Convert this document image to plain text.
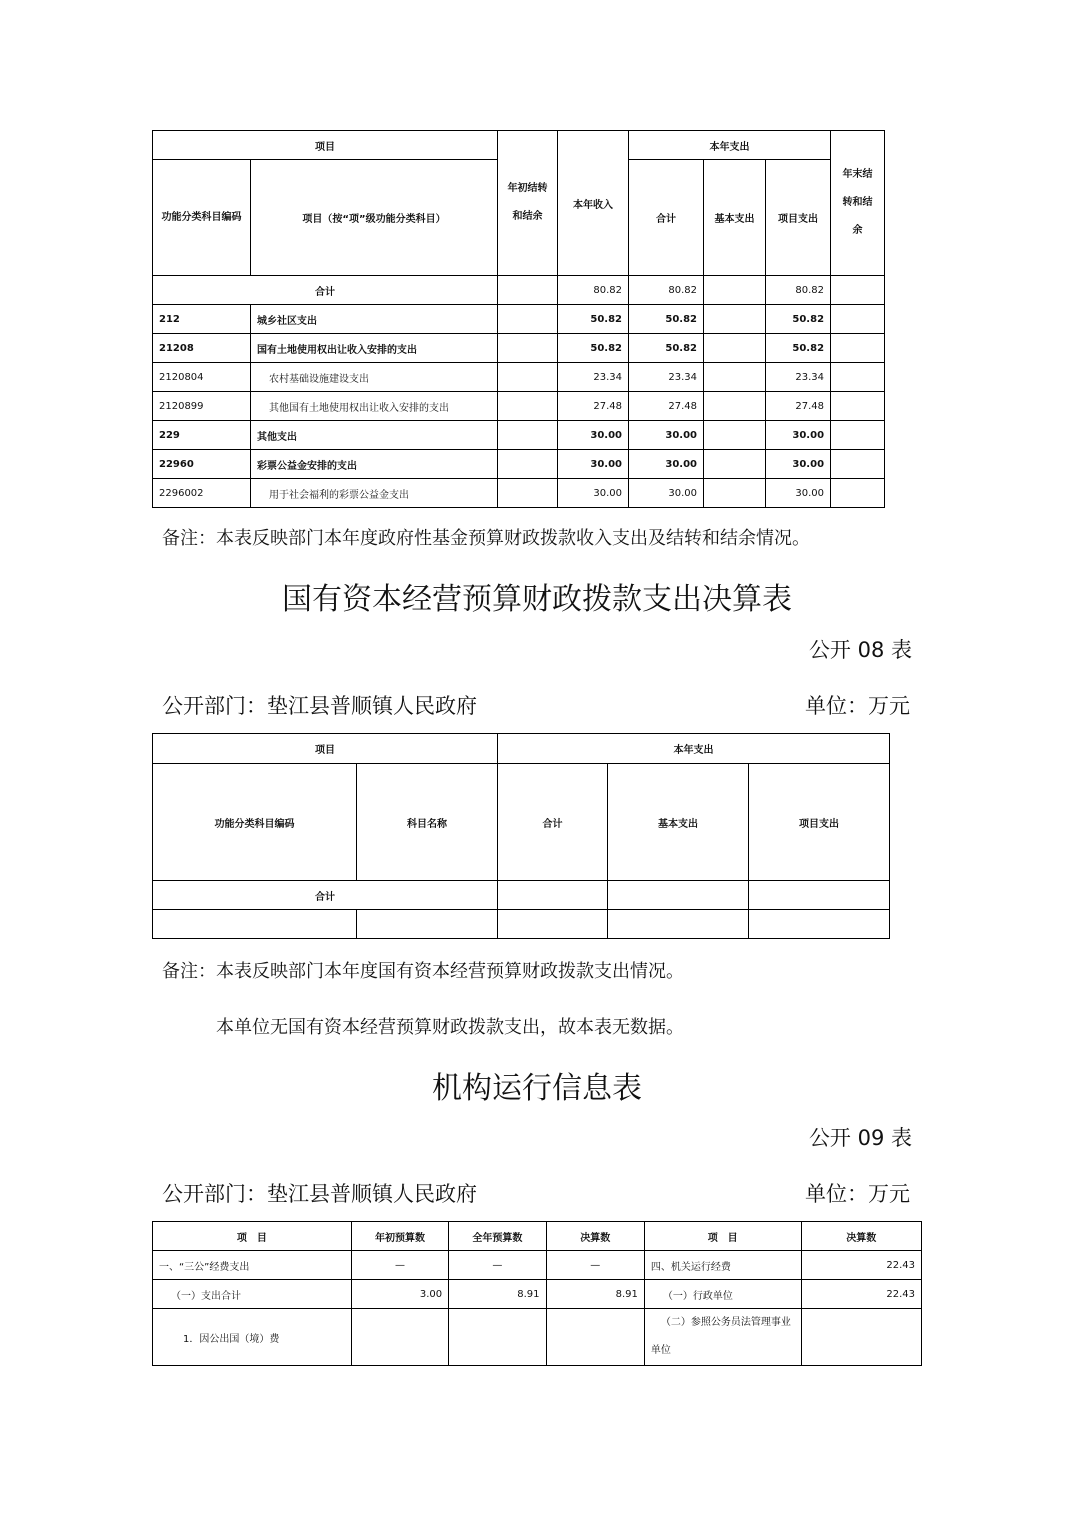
项目		年初结转和结余	本年收入	本年支出			年末结转和结余
功能分类科目编码	项目（按“项”级功能分类科目）			合计	基本支出	项目支出	
合计			80.82	80.82		80.82	
212	城乡社区支出		50.82	50.82		50.82	
21208	国有土地使用权出让收入安排的支出		50.82	50.82		50.82	
2120804	农村基础设施建设支出		23.34	23.34		23.34	
2120899	其他国有土地使用权出让收入安排的支出		27.48	27.48		27.48	
229	其他支出		30.00	30.00		30.00	
22960	彩票公益金安排的支出		30.00	30.00		30.00	
2296002	用于社会福利的彩票公益金支出		30.00	30.00		30.00	
备注：本表反映部门本年度政府性基金预算财政拨款收入支出及结转和结余情况。
国有资本经营预算财政拨款支出决算表
公开 08 表
公开部门：垫江县普顺镇人民政府	单位：万元
项目		本年支出		
功能分类科目编码	科目名称	合计	基本支出	项目支出
合计				

备注：本表反映部门本年度国有资本经营预算财政拨款支出情况。
本单位无国有资本经营预算财政拨款支出，故本表无数据。
机构运行信息表
公开 09 表
公开部门：垫江县普顺镇人民政府	单位：万元
项　目	年初预算数	全年预算数	决算数	项　目	决算数
一、“三公”经费支出	—	—	—	四、机关运行经费	22.43
（一）支出合计	3.00	8.91	8.91	（一）行政单位	22.43
1．因公出国（境）费				（二）参照公务员法管理事业单位	
